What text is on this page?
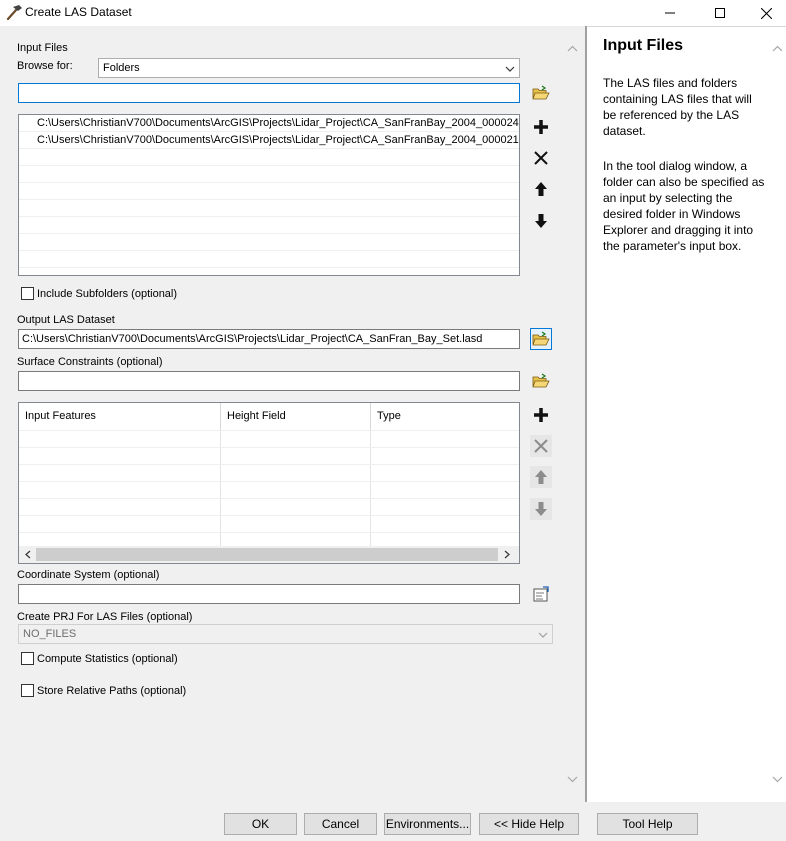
Create LAS Dataset
Input Files
Browse for:	Folders
C:\Users\ChristianV700\Documents\ArcGIS\Projects\Lidar_Project\CA_SanFranBay_2004_000024
C:\Users\ChristianV700\Documents\ArcGIS\Projects\Lidar_Project\CA_SanFranBay_2004_000021
Include Subfolders (optional)
Output LAS Dataset
C:\Users\ChristianV700\Documents\ArcGIS\Projects\Lidar_Project\CA_SanFran_Bay_Set.lasd
Surface Constraints (optional)
Input Features	Height Field	Type
Coordinate System (optional)
Create PRJ For LAS Files (optional)
NO_FILES
Compute Statistics (optional)
Store Relative Paths (optional)
Input Files
The LAS files and folders containing LAS files that will be referenced by the LAS dataset.
In the tool dialog window, a folder can also be specified as an input by selecting the desired folder in Windows Explorer and dragging it into the parameter's input box.
OK	Cancel	Environments...	<< Hide Help	Tool Help
